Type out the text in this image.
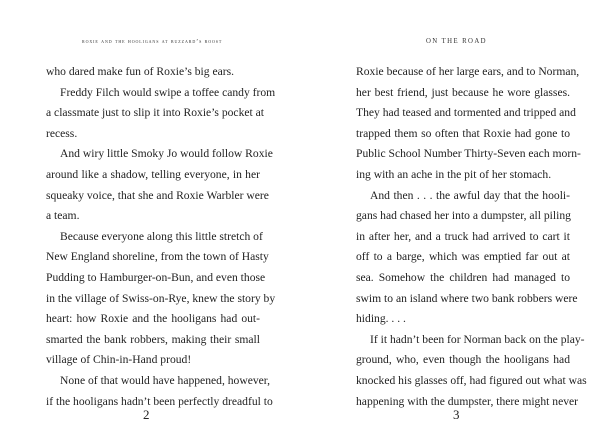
roxie and the hooligans at buzzard’s roost
who dared make fun of Roxie’s big ears.
Freddy Filch would swipe a toffee candy from
a classmate just to slip it into Roxie’s pocket at
recess.
And wiry little Smoky Jo would follow Roxie
around like a shadow, telling everyone, in her
squeaky voice, that she and Roxie Warbler were
a team.
Because everyone along this little stretch of
New England shoreline, from the town of Hasty
Pudding to Hamburger-on-Bun, and even those
in the village of Swiss-on-Rye, knew the story by
heart: how Roxie and the hooligans had out-
smarted the bank robbers, making their small
village of Chin-in-Hand proud!
None of that would have happened, however,
if the hooligans hadn’t been perfectly dreadful to
2
ON THE ROAD
Roxie because of her large ears, and to Norman,
her best friend, just because he wore glasses.
They had teased and tormented and tripped and
trapped them so often that Roxie had gone to
Public School Number Thirty-Seven each morn-
ing with an ache in the pit of her stomach.
And then . . . the awful day that the hooli-
gans had chased her into a dumpster, all piling
in after her, and a truck had arrived to cart it
off to a barge, which was emptied far out at
sea. Somehow the children had managed to
swim to an island where two bank robbers were
hiding. . . .
If it hadn’t been for Norman back on the play-
ground, who, even though the hooligans had
knocked his glasses off, had figured out what was
happening with the dumpster, there might never
3
